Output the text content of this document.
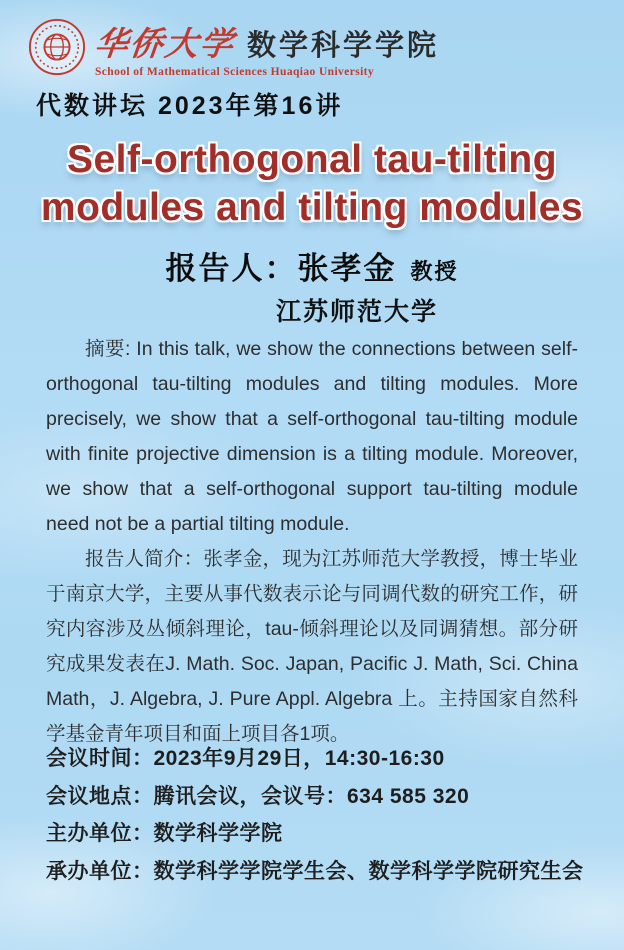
华侨大学 数学科学学院
School of Mathematical Sciences Huaqiao University
代数讲坛 2023年第16讲
Self-orthogonal tau-tilting
modules and tilting modules
报告人：张孝金 教授
江苏师范大学

摘要: In this talk, we show the connections between self-orthogonal tau-tilting modules and tilting modules. More precisely, we show that a self-orthogonal tau-tilting module with finite projective dimension is a tilting module. Moreover, we show that a self-orthogonal support tau-tilting module need not be a partial tilting module.

报告人简介：张孝金，现为江苏师范大学教授，博士毕业于南京大学，主要从事代数表示论与同调代数的研究工作，研究内容涉及丛倾斜理论，tau-倾斜理论以及同调猜想。部分研究成果发表在J. Math. Soc. Japan, Pacific J. Math, Sci. China Math，J. Algebra, J. Pure Appl. Algebra 上。主持国家自然科学基金青年项目和面上项目各1项。

会议时间：2023年9月29日，14:30-16:30
会议地点：腾讯会议，会议号：634 585 320
主办单位：数学科学学院
承办单位：数学科学学院学生会、数学科学学院研究生会
